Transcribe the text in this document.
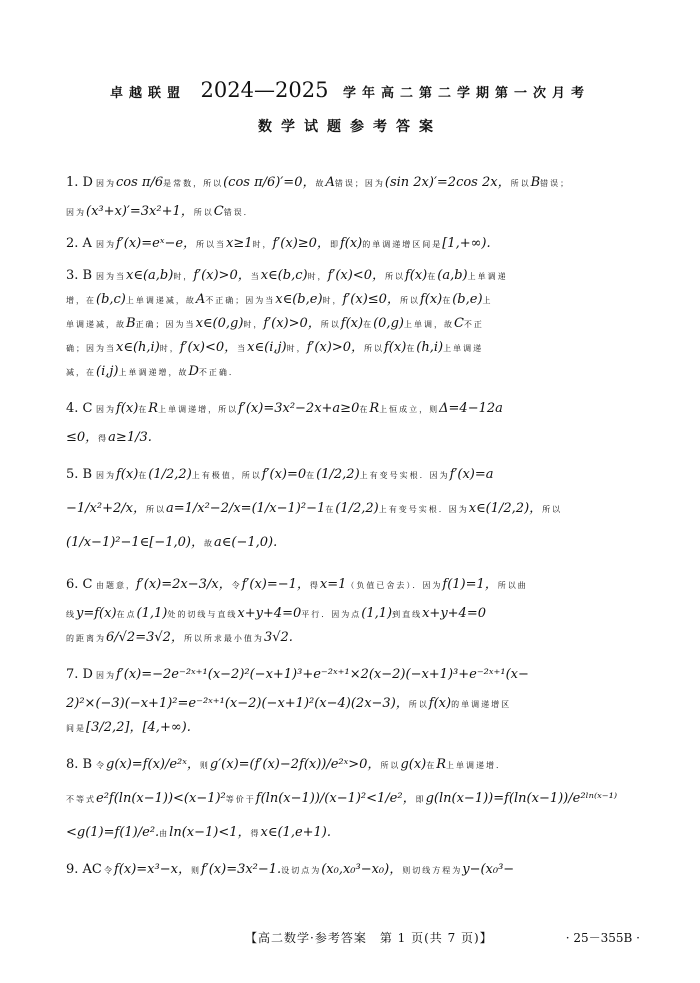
卓越联盟 2024—2025 学年高二第二学期第一次月考
数学试题参考答案
1. D 因为cos π/6是常数，所以(cos π/6)′=0，故A错误；因为(sin 2x)′=2cos 2x，所以B错误；
因为(x³+x)′=3x²+1，所以C错误．
2. A 因为f′(x)=eˣ−e，所以当x≥1时，f′(x)≥0，即f(x)的单调递增区间是[1,+∞).
3. B 因为当x∈(a,b)时，f′(x)>0，当x∈(b,c)时，f′(x)<0，所以f(x)在(a,b)上单调递
增，在(b,c)上单调递减，故A不正确；因为当x∈(b,e)时，f′(x)≤0，所以f(x)在(b,e)上
单调递减，故B正确；因为当x∈(0,g)时，f′(x)>0，所以f(x)在(0,g)上单调，故C不正
确；因为当x∈(h,i)时，f′(x)<0，当x∈(i,j)时，f′(x)>0，所以f(x)在(h,i)上单调递
减，在(i,j)上单调递增，故D不正确．
4. C 因为f(x)在R上单调递增，所以f′(x)=3x²−2x+a≥0在R上恒成立，则Δ=4−12a
≤0，得a≥1/3.
5. B 因为f(x)在(1/2,2)上有极值，所以f′(x)=0在(1/2,2)上有变号实根．因为f′(x)=a
−1/x²+2/x，所以a=1/x²−2/x=(1/x−1)²−1在(1/2,2)上有变号实根．因为x∈(1/2,2)，所以
(1/x−1)²−1∈[−1,0)，故a∈(−1,0).
6. C 由题意，f′(x)=2x−3/x，令f′(x)=−1，得x=1（负值已舍去）．因为f(1)=1，所以曲
线y=f(x)在点(1,1)处的切线与直线x+y+4=0平行．因为点(1,1)到直线x+y+4=0
的距离为6/√2=3√2，所以所求最小值为3√2.
7. D 因为f′(x)=−2e⁻²ˣ⁺¹(x−2)²(−x+1)³+e⁻²ˣ⁺¹×2(x−2)(−x+1)³+e⁻²ˣ⁺¹(x−
2)²×(−3)(−x+1)²=e⁻²ˣ⁺¹(x−2)(−x+1)²(x−4)(2x−3)，所以f(x)的单调递增区
间是[3/2,2]，[4,+∞).
8. B 令g(x)=f(x)/e²ˣ，则g′(x)=(f′(x)−2f(x))/e²ˣ>0，所以g(x)在R上单调递增．
不等式e²f(ln(x−1))<(x−1)²等价于f(ln(x−1))/(x−1)²<1/e²，即g(ln(x−1))=f(ln(x−1))/e²ˡⁿ⁽ˣ⁻¹⁾
<g(1)=f(1)/e².由ln(x−1)<1，得x∈(1,e+1).
9. AC 令f(x)=x³−x，则f′(x)=3x²−1.设切点为(x₀,x₀³−x₀)，则切线方程为y−(x₀³−
【高二数学·参考答案　第 1 页(共 7 页)】	· 25－355B ·
